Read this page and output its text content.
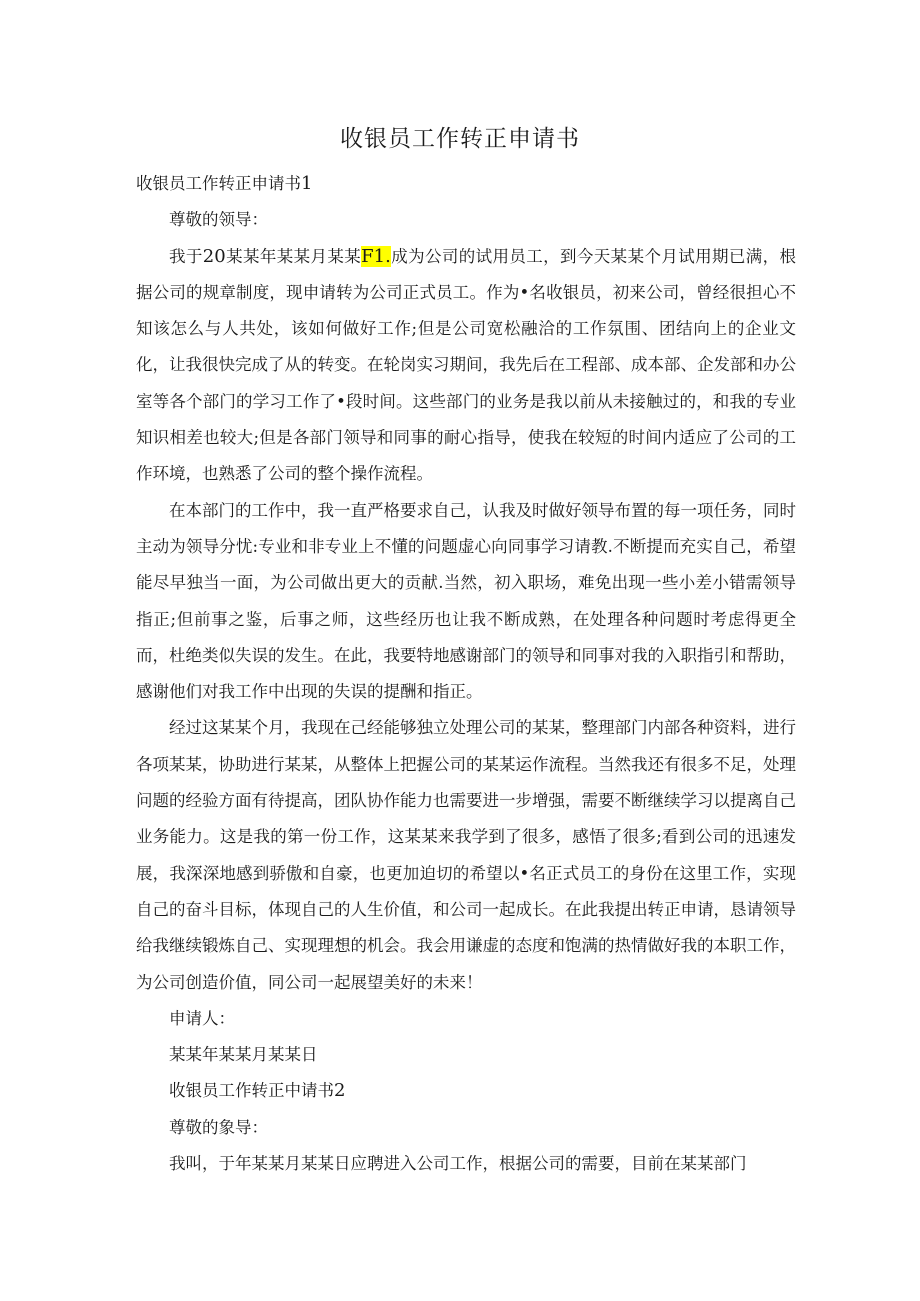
收银员工作转正申请书

收银员工作转正申请书1

尊敬的领导：

我于20某某年某某月某某F1.成为公司的试用员工，到今天某某个月试用期已满，根据公司的规章制度，现申请转为公司正式员工。作为•名收银员，初来公司，曾经很担心不知该怎么与人共处，该如何做好工作;但是公司宽松融洽的工作氛围、团结向上的企业文化，让我很快完成了从的转变。在轮岗实习期间，我先后在工程部、成本部、企发部和办公室等各个部门的学习工作了•段时间。这些部门的业务是我以前从未接触过的，和我的专业知识相差也较大;但是各部门领导和同事的耐心指导，使我在较短的时间内适应了公司的工作环境，也熟悉了公司的整个操作流程。

在本部门的工作中，我一直严格要求自己，认我及时做好领导布置的每一项任务，同时主动为领导分忧:专业和非专业上不懂的问题虚心向同事学习请教.不断提而充实自己，希望能尽早独当一面，为公司做出更大的贡献.当然，初入职场，难免出现一些小差小错需领导指正;但前事之鉴，后事之师，这些经历也让我不断成熟，在处理各种问题时考虑得更全而，杜绝类似失误的发生。在此，我要特地感谢部门的领导和同事对我的入职指引和帮助，感谢他们对我工作中出现的失误的提酬和指正。

经过这某某个月，我现在己经能够独立处理公司的某某，整理部门内部各种资料，进行各项某某，协助进行某某，从整体上把握公司的某某运作流程。当然我还有很多不足，处理问题的经验方面有待提高，团队协作能力也需要进一步增强，需要不断继续学习以提离自己业务能力。这是我的第一份工作，这某某来我学到了很多，感悟了很多;看到公司的迅速发展，我深深地感到骄傲和自豪，也更加迫切的希望以•名正式员工的身份在这里工作，实现自己的奋斗目标，体现自己的人生价值，和公司一起成长。在此我提出转正申请，恳请领导给我继续锻炼自己、实现理想的机会。我会用谦虚的态度和饱满的热情做好我的本职工作，为公司创造价值，同公司一起展望美好的未来！

申请人：

某某年某某月某某日

收银员工作转正中请书2

尊敬的象导：

我叫，于年某某月某某日应聘进入公司工作，根据公司的需要，目前在某某部门
